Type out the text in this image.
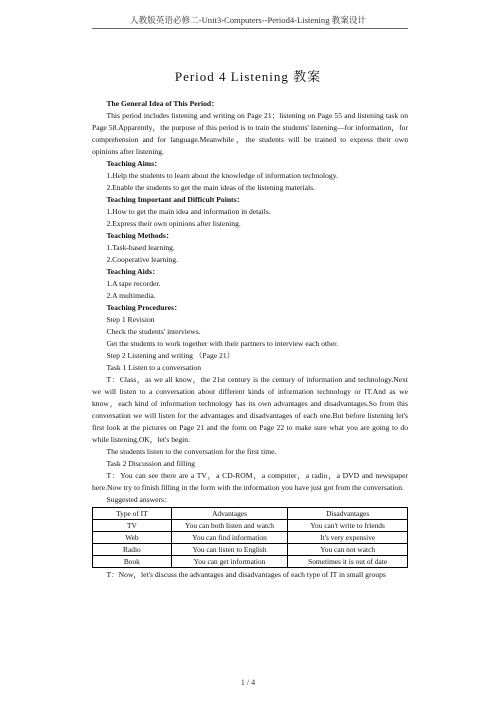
人教版英语必修二-Unit3-Computers--Period4-Listening 教案设计
Period 4 Listening 教案

The General Idea of This Period：

This period includes listening and writing on Page 21；listening on Page 55 and listening task on Page 58.Apparently，the purpose of this period is to train the students' listening—for information，for comprehension and for language.Meanwhile，the students will be trained to express their own opinions after listening.

Teaching Aims：

1.Help the students to learn about the knowledge of information technology.

2.Enable the students to get the main ideas of the listening materials.

Teaching Important and Difficult Points：

1.How to get the main idea and information in details.

2.Express their own opinions after listening.

Teaching Methods：

1.Task-based learning.

2.Cooperative learning.

Teaching Aids：

1.A tape recorder.

2.A multimedia.

Teaching Procedures：

Step 1 Revision

Check the students' interviews.

Get the students to work together with their partners to interview each other.

Step 2 Listening and writing （Page 21）

Task 1 Listen to a conversation

T：Class，as we all know，the 21st century is the century of information and technology.Next we will listen to a conversation about different kinds of information technology or IT.And as we know，each kind of information technology has its own advantages and disadvantages.So from this conversation we will listen for the advantages and disadvantages of each one.But before listening let's first look at the pictures on Page 21 and the form on Page 22 to make sure what you are going to do while listening.OK，let's begin.

The students listen to the conversation for the first time.

Task 2 Discussion and filling

T：You can see there are a TV，a CD-ROM，a computer，a radio，a DVD and newspaper here.Now try to finish filling in the form with the information you have just got from the conversation.

Suggested answers：

Type of IT	Advantages	Disadvantages
TV	You can both listen and watch	You can't write to friends
Web	You can find information	It's very expensive
Radio	You can listen to English	You can not watch
Book	You can get information	Sometimes it is out of date

T：Now，let's discuss the advantages and disadvantages of each type of IT in small groups

1 / 4
